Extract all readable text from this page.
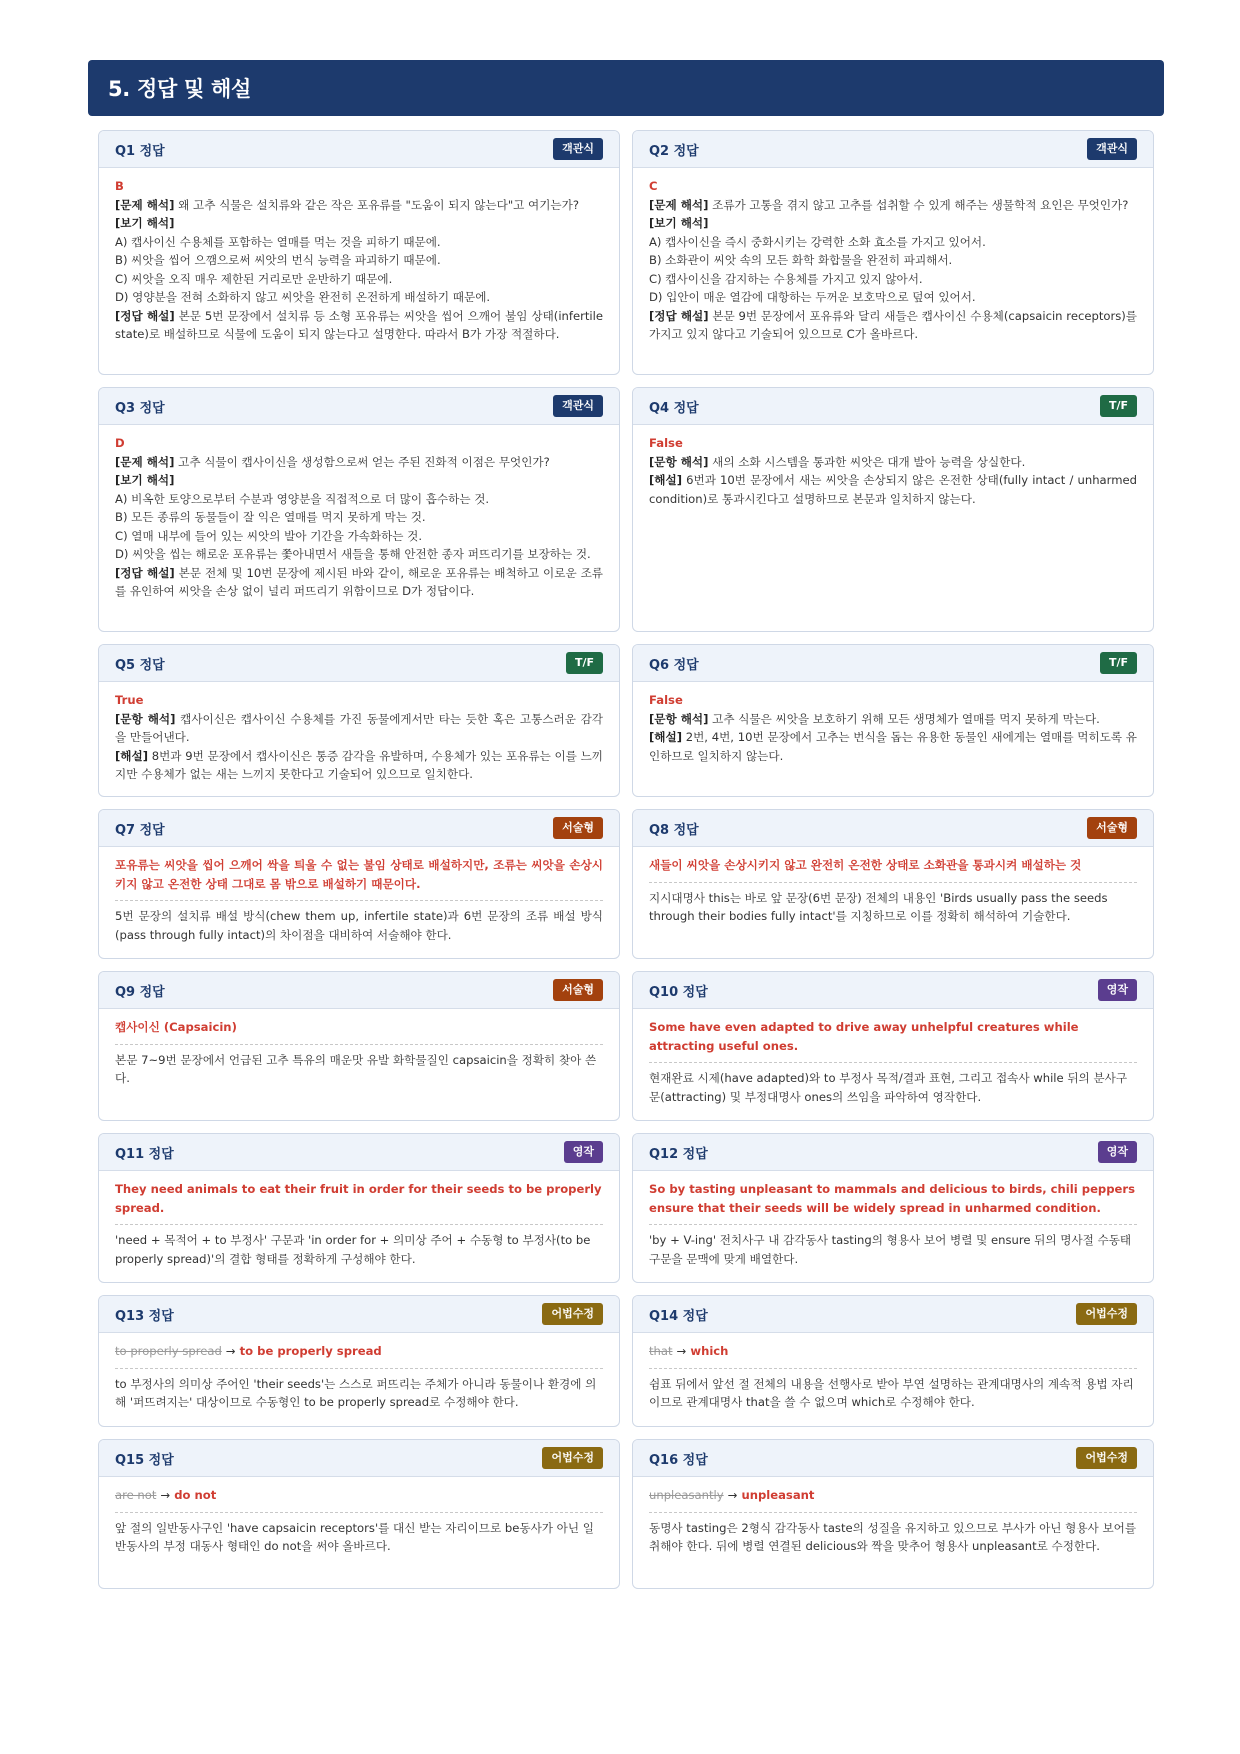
5. 정답 및 해설
Q1 정답	객관식

B

[문제 해석] 왜 고추 식물은 설치류와 같은 작은 포유류를 "도움이 되지 않는다"고 여기는가?

[보기 해석]

A) 캡사이신 수용체를 포함하는 열매를 먹는 것을 피하기 때문에.

B) 씨앗을 씹어 으깸으로써 씨앗의 번식 능력을 파괴하기 때문에.

C) 씨앗을 오직 매우 제한된 거리로만 운반하기 때문에.

D) 영양분을 전혀 소화하지 않고 씨앗을 완전히 온전하게 배설하기 때문에.

[정답 해설] 본문 5번 문장에서 설치류 등 소형 포유류는 씨앗을 씹어 으깨어 불임 상태(infertile state)로 배설하므로 식물에 도움이 되지 않는다고 설명한다. 따라서 B가 가장 적절하다.

Q2 정답	객관식

C

[문제 해석] 조류가 고통을 겪지 않고 고추를 섭취할 수 있게 해주는 생물학적 요인은 무엇인가?

[보기 해석]

A) 캡사이신을 즉시 중화시키는 강력한 소화 효소를 가지고 있어서.

B) 소화관이 씨앗 속의 모든 화학 화합물을 완전히 파괴해서.

C) 캡사이신을 감지하는 수용체를 가지고 있지 않아서.

D) 입안이 매운 열감에 대항하는 두꺼운 보호막으로 덮여 있어서.

[정답 해설] 본문 9번 문장에서 포유류와 달리 새들은 캡사이신 수용체(capsaicin receptors)를 가지고 있지 않다고 기술되어 있으므로 C가 올바르다.

Q3 정답	객관식

D

[문제 해석] 고추 식물이 캡사이신을 생성함으로써 얻는 주된 진화적 이점은 무엇인가?

[보기 해석]

A) 비옥한 토양으로부터 수분과 영양분을 직접적으로 더 많이 흡수하는 것.

B) 모든 종류의 동물들이 잘 익은 열매를 먹지 못하게 막는 것.

C) 열매 내부에 들어 있는 씨앗의 발아 기간을 가속화하는 것.

D) 씨앗을 씹는 해로운 포유류는 쫓아내면서 새들을 통해 안전한 종자 퍼뜨리기를 보장하는 것.

[정답 해설] 본문 전체 및 10번 문장에 제시된 바와 같이, 해로운 포유류는 배척하고 이로운 조류를 유인하여 씨앗을 손상 없이 널리 퍼뜨리기 위함이므로 D가 정답이다.

Q4 정답	T/F

False

[문항 해석] 새의 소화 시스템을 통과한 씨앗은 대개 발아 능력을 상실한다.

[해설] 6번과 10번 문장에서 새는 씨앗을 손상되지 않은 온전한 상태(fully intact / unharmed condition)로 통과시킨다고 설명하므로 본문과 일치하지 않는다.

Q5 정답	T/F

True

[문항 해석] 캡사이신은 캡사이신 수용체를 가진 동물에게서만 타는 듯한 혹은 고통스러운 감각을 만들어낸다.

[해설] 8번과 9번 문장에서 캡사이신은 통증 감각을 유발하며, 수용체가 있는 포유류는 이를 느끼지만 수용체가 없는 새는 느끼지 못한다고 기술되어 있으므로 일치한다.

Q6 정답	T/F

False

[문항 해석] 고추 식물은 씨앗을 보호하기 위해 모든 생명체가 열매를 먹지 못하게 막는다.

[해설] 2번, 4번, 10번 문장에서 고추는 번식을 돕는 유용한 동물인 새에게는 열매를 먹히도록 유인하므로 일치하지 않는다.

Q7 정답	서술형

포유류는 씨앗을 씹어 으깨어 싹을 틔울 수 없는 불임 상태로 배설하지만, 조류는 씨앗을 손상시키지 않고 온전한 상태 그대로 몸 밖으로 배설하기 때문이다.

5번 문장의 설치류 배설 방식(chew them up, infertile state)과 6번 문장의 조류 배설 방식(pass through fully intact)의 차이점을 대비하여 서술해야 한다.

Q8 정답	서술형

새들이 씨앗을 손상시키지 않고 완전히 온전한 상태로 소화관을 통과시켜 배설하는 것

지시대명사 this는 바로 앞 문장(6번 문장) 전체의 내용인 'Birds usually pass the seeds through their bodies fully intact'를 지칭하므로 이를 정확히 해석하여 기술한다.

Q9 정답	서술형

캡사이신 (Capsaicin)

본문 7~9번 문장에서 언급된 고추 특유의 매운맛 유발 화학물질인 capsaicin을 정확히 찾아 쓴다.

Q10 정답	영작

Some have even adapted to drive away unhelpful creatures while attracting useful ones.

현재완료 시제(have adapted)와 to 부정사 목적/결과 표현, 그리고 접속사 while 뒤의 분사구문(attracting) 및 부정대명사 ones의 쓰임을 파악하여 영작한다.

Q11 정답	영작

They need animals to eat their fruit in order for their seeds to be properly spread.

'need + 목적어 + to 부정사' 구문과 'in order for + 의미상 주어 + 수동형 to 부정사(to be properly spread)'의 결합 형태를 정확하게 구성해야 한다.

Q12 정답	영작

So by tasting unpleasant to mammals and delicious to birds, chili peppers ensure that their seeds will be widely spread in unharmed condition.

'by + V-ing' 전치사구 내 감각동사 tasting의 형용사 보어 병렬 및 ensure 뒤의 명사절 수동태 구문을 문맥에 맞게 배열한다.

Q13 정답	어법수정

to properly spread → to be properly spread

to 부정사의 의미상 주어인 'their seeds'는 스스로 퍼뜨리는 주체가 아니라 동물이나 환경에 의해 '퍼뜨려지는' 대상이므로 수동형인 to be properly spread로 수정해야 한다.

Q14 정답	어법수정

that → which

쉼표 뒤에서 앞선 절 전체의 내용을 선행사로 받아 부연 설명하는 관계대명사의 계속적 용법 자리이므로 관계대명사 that을 쓸 수 없으며 which로 수정해야 한다.

Q15 정답	어법수정

are not → do not

앞 절의 일반동사구인 'have capsaicin receptors'를 대신 받는 자리이므로 be동사가 아닌 일반동사의 부정 대동사 형태인 do not을 써야 올바르다.

Q16 정답	어법수정

unpleasantly → unpleasant

동명사 tasting은 2형식 감각동사 taste의 성질을 유지하고 있으므로 부사가 아닌 형용사 보어를 취해야 한다. 뒤에 병렬 연결된 delicious와 짝을 맞추어 형용사 unpleasant로 수정한다.
